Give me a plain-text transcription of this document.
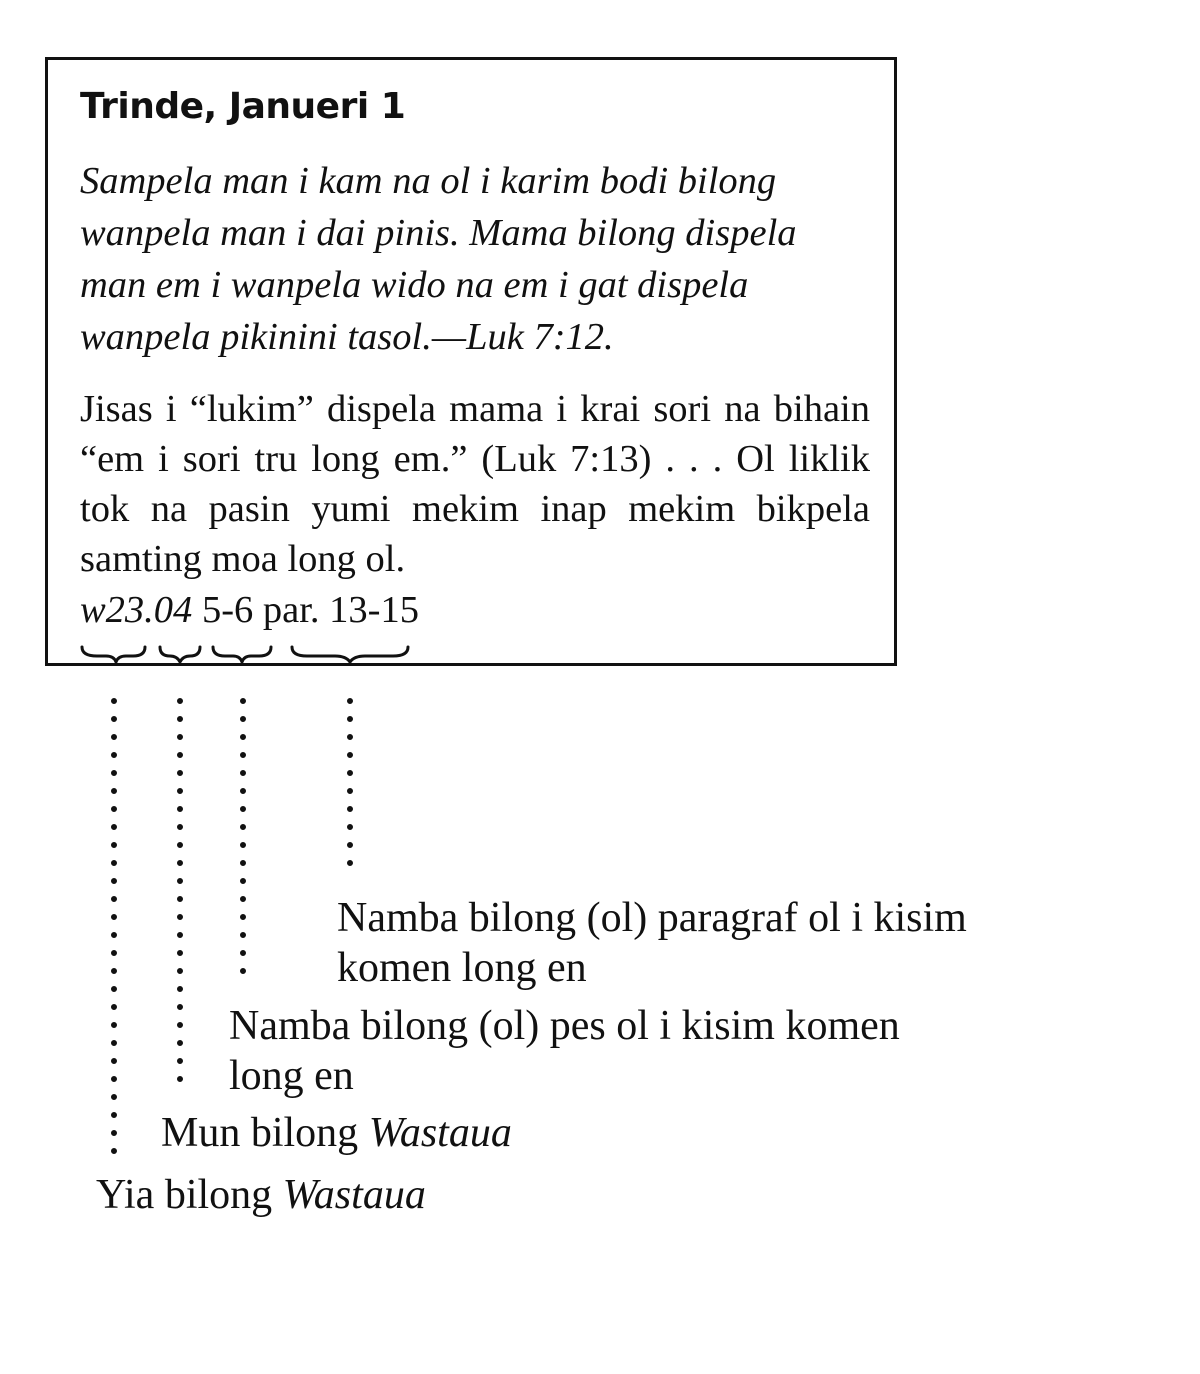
Trinde, Janueri 1

Sampela man i kam na ol i karim bodi bilong wanpela man i dai pinis. Mama bilong dispela man em i wanpela wido na em i gat dispela wanpela pikinini tasol.—Luk 7:12.

Jisas i “lukim” dispela mama i krai sori na bihain “em i sori tru long em.” (Luk 7:13) . . . Ol liklik tok na pasin yumi mekim inap mekim bikpela samting moa long ol.

w23.04 5-6 par. 13-15

Namba bilong (ol) paragraf ol i kisim komen long en

Namba bilong (ol) pes ol i kisim komen long en

Mun bilong Wastaua
Yia bilong Wastaua
